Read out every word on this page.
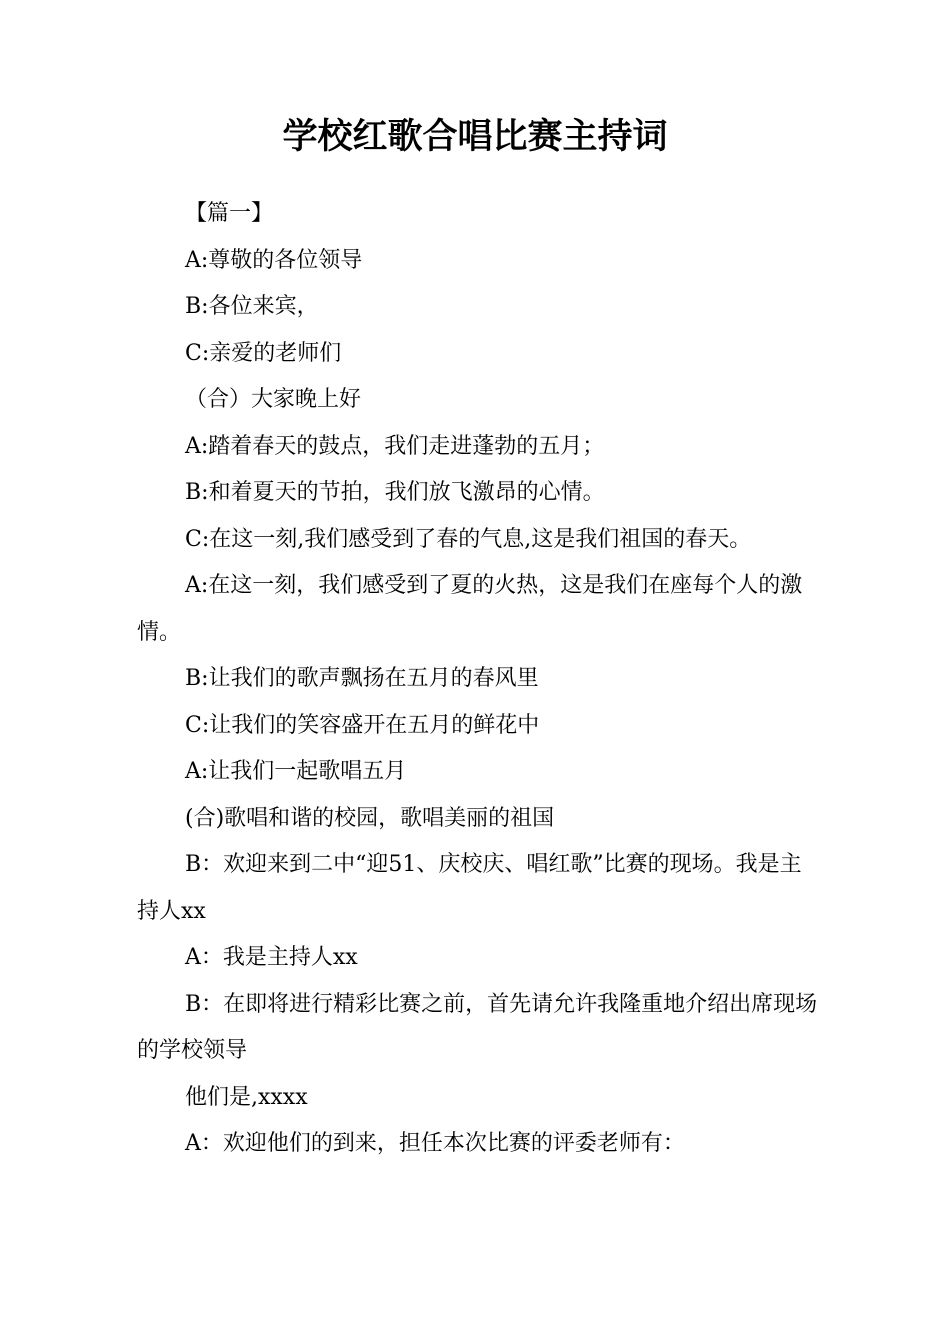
学校红歌合唱比赛主持词

【篇一】

A:尊敬的各位领导

B:各位来宾，

C:亲爱的老师们

（合）大家晚上好

A:踏着春天的鼓点，我们走进蓬勃的五月；

B:和着夏天的节拍，我们放飞激昂的心情。

C:在这一刻,我们感受到了春的气息,这是我们祖国的春天。

A:在这一刻，我们感受到了夏的火热，这是我们在座每个人的激情。

B:让我们的歌声飘扬在五月的春风里

C:让我们的笑容盛开在五月的鲜花中

A:让我们一起歌唱五月

(合)歌唱和谐的校园，歌唱美丽的祖国

B：欢迎来到二中“迎51、庆校庆、唱红歌”比赛的现场。我是主持人xx

A：我是主持人xx

B：在即将进行精彩比赛之前，首先请允许我隆重地介绍出席现场的学校领导

他们是,xxxx

A：欢迎他们的到来，担任本次比赛的评委老师有：
